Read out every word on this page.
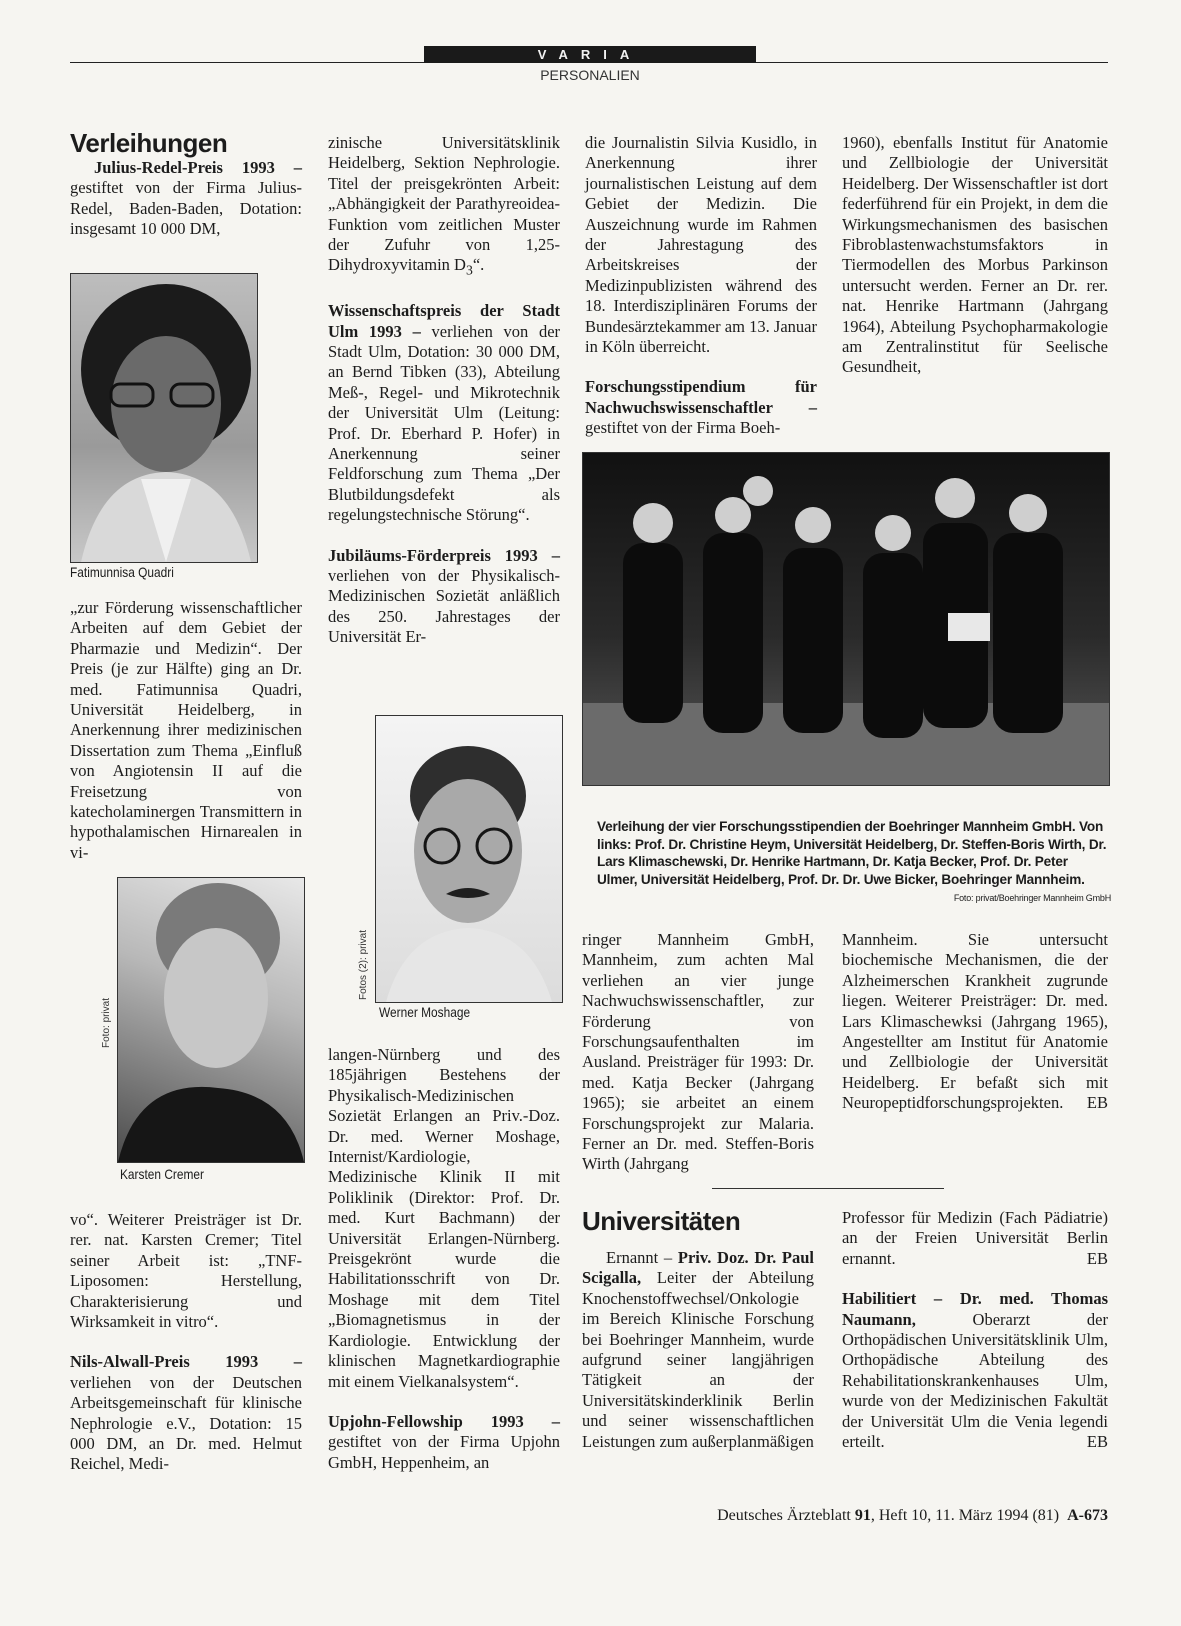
VARIA
PERSONALIEN
Verleihungen

Julius-Redel-Preis 1993 – gestiftet von der Firma Julius-Redel, Baden-Baden, Dotation: insgesamt 10 000 DM,

Fatimunnisa Quadri

„zur Förderung wissenschaftlicher Arbeiten auf dem Gebiet der Pharmazie und Medizin“. Der Preis (je zur Hälfte) ging an Dr. med. Fatimunnisa Quadri, Universität Heidelberg, in Anerkennung ihrer medizinischen Dissertation zum Thema „Einfluß von Angiotensin II auf die Freisetzung von katecholaminergen Transmittern in hypothalamischen Hirnarealen in vi-

Foto: privat
Karsten Cremer

vo“. Weiterer Preisträger ist Dr. rer. nat. Karsten Cremer; Titel seiner Arbeit ist: „TNF-Liposomen: Herstellung, Charakterisierung und Wirksamkeit in vitro“.

Nils-Alwall-Preis 1993 – verliehen von der Deutschen Arbeitsgemeinschaft für klinische Nephrologie e.V., Dotation: 15 000 DM, an Dr. med. Helmut Reichel, Medi-

zinische Universitätsklinik Heidelberg, Sektion Nephrologie. Titel der preisgekrönten Arbeit: „Abhängigkeit der Parathyreoidea-Funktion vom zeitlichen Muster der Zufuhr von 1,25-Dihydroxyvitamin $D_3“$.

Wissenschaftspreis der Stadt Ulm 1993 – verliehen von der Stadt Ulm, Dotation: 30 000 DM, an Bernd Tibken (33), Abteilung Meß-, Regel- und Mikrotechnik der Universität Ulm (Leitung: Prof. Dr. Eberhard P. Hofer) in Anerkennung seiner Feldforschung zum Thema „Der Blutbildungsdefekt als regelungstechnische Störung“.

Jubiläums-Förderpreis 1993 – verliehen von der Physikalisch-Medizinischen Sozietät anläßlich des 250. Jahrestages der Universität Er-

Fotos (2): privat
Werner Moshage

langen-Nürnberg und des 185jährigen Bestehens der Physikalisch-Medizinischen Sozietät Erlangen an Priv.-Doz. Dr. med. Werner Moshage, Internist/Kardiologie, Medizinische Klinik II mit Poliklinik (Direktor: Prof. Dr. med. Kurt Bachmann) der Universität Erlangen-Nürnberg. Preisgekrönt wurde die Habilitationsschrift von Dr. Moshage mit dem Titel „Biomagnetismus in der Kardiologie. Entwicklung der klinischen Magnetkardiographie mit einem Vielkanalsystem“.

Upjohn-Fellowship 1993 – gestiftet von der Firma Upjohn GmbH, Heppenheim, an

die Journalistin Silvia Kusidlo, in Anerkennung ihrer journalistischen Leistung auf dem Gebiet der Medizin. Die Auszeichnung wurde im Rahmen der Jahrestagung des Arbeitskreises der Medizinpublizisten während des 18. Interdisziplinären Forums der Bundesärztekammer am 13. Januar in Köln überreicht.

Forschungsstipendium für Nachwuchswissenschaftler – gestiftet von der Firma Boeh-

1960), ebenfalls Institut für Anatomie und Zellbiologie der Universität Heidelberg. Der Wissenschaftler ist dort federführend für ein Projekt, in dem die Wirkungsmechanismen des basischen Fibroblastenwachstumsfaktors in Tiermodellen des Morbus Parkinson untersucht werden. Ferner an Dr. rer. nat. Henrike Hartmann (Jahrgang 1964), Abteilung Psychopharmakologie am Zentralinstitut für Seelische Gesundheit,

Verleihung der vier Forschungsstipendien der Boehringer Mannheim GmbH. Von links: Prof. Dr. Christine Heym, Universität Heidelberg, Dr. Steffen-Boris Wirth, Dr. Lars Klimaschewski, Dr. Henrike Hartmann, Dr. Katja Becker, Prof. Dr. Peter Ulmer, Universität Heidelberg, Prof. Dr. Dr. Uwe Bicker, Boehringer Mannheim.
Foto: privat/Boehringer Mannheim GmbH

ringer Mannheim GmbH, Mannheim, zum achten Mal verliehen an vier junge Nachwuchswissenschaftler, zur Förderung von Forschungsaufenthalten im Ausland. Preisträger für 1993: Dr. med. Katja Becker (Jahrgang 1965); sie arbeitet an einem Forschungsprojekt zur Malaria. Ferner an Dr. med. Steffen-Boris Wirth (Jahrgang

Mannheim. Sie untersucht biochemische Mechanismen, die der Alzheimerschen Krankheit zugrunde liegen. Weiterer Preisträger: Dr. med. Lars Klimaschewksi (Jahrgang 1965), Angestellter am Institut für Anatomie und Zellbiologie der Universität Heidelberg. Er befaßt sich mit Neuropeptidforschungsprojekten. EB

Universitäten

Ernannt – Priv. Doz. Dr. Paul Scigalla, Leiter der Abteilung Knochenstoffwechsel/Onkologie im Bereich Klinische Forschung bei Boehringer Mannheim, wurde aufgrund seiner langjährigen Tätigkeit an der Universitätskinderklinik Berlin und seiner wissenschaftlichen Leistungen zum außerplanmäßigen

Professor für Medizin (Fach Pädiatrie) an der Freien Universität Berlin ernannt.	EB

Habilitiert – Dr. med. Thomas Naumann, Oberarzt der Orthopädischen Universitätsklinik Ulm, Orthopädische Abteilung des Rehabilitationskrankenhauses Ulm, wurde von der Medizinischen Fakultät der Universität Ulm die Venia legendi erteilt.	EB

Deutsches Ärzteblatt 91, Heft 10, 11. März 1994 (81) A-673
